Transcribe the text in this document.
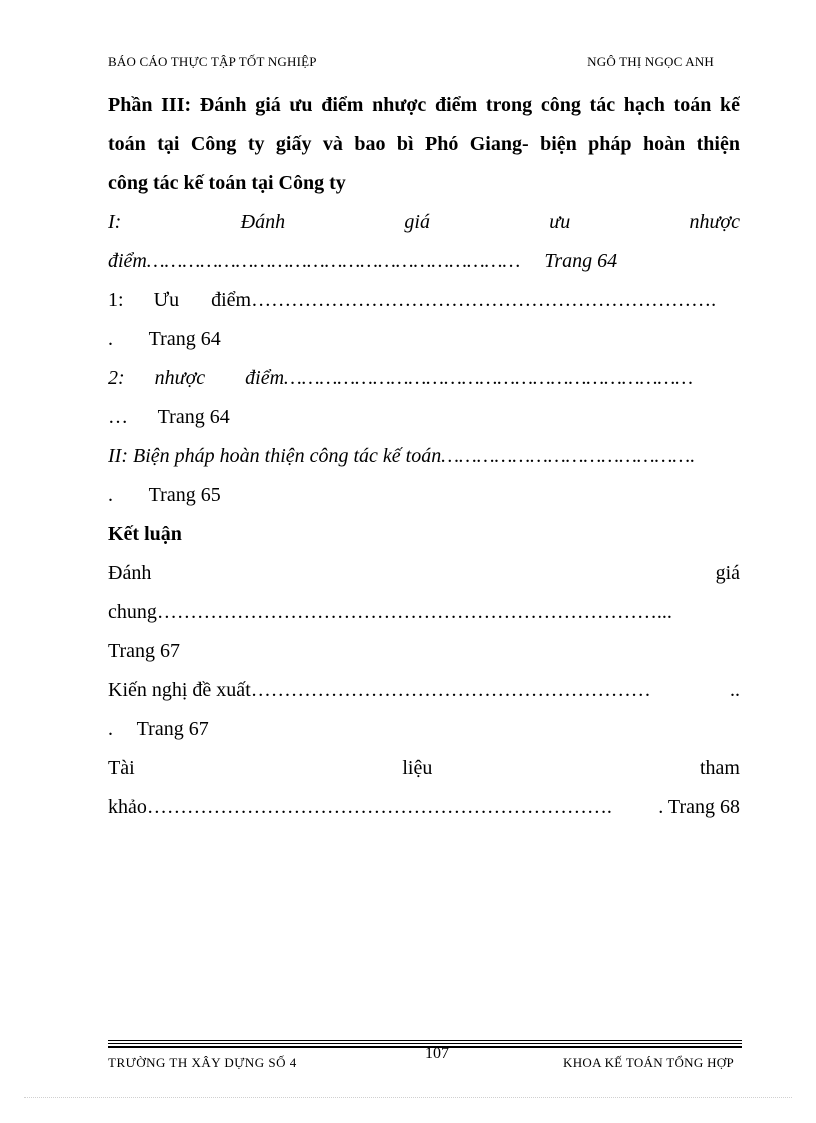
BÁO CÁO THỰC TẬP TỐT NGHIỆP	NGÔ THỊ NGỌC ANH
Phần III: Đánh giá ưu điểm nhược điểm trong công tác hạch toán kế
toán tại Công ty giấy và bao bì Phó Giang- biện pháp hoàn thiện
công tác kế toán tại Công ty
I:	Đánh	giá	ưu	nhược
điểm……………………………………………………… Trang 64
1: Ưu điểm…………………………………………………………….
. Trang 64
2: nhược điểm……………………………………………………………
… Trang 64
II: Biện pháp hoàn thiện công tác kế toán…………………………………….
. Trang 65
Kết luận
Đánh	giá
chung…………………………………………………………………...
Trang 67
Kiến nghị đề xuất……………………………………………………	..
. Trang 67
Tài	liệu	tham
khảo……………………………………………………………. . Trang 68
TRƯỜNG TH XÂY DỰNG SỐ 4
107
KHOA KẾ TOÁN TỔNG HỢP
